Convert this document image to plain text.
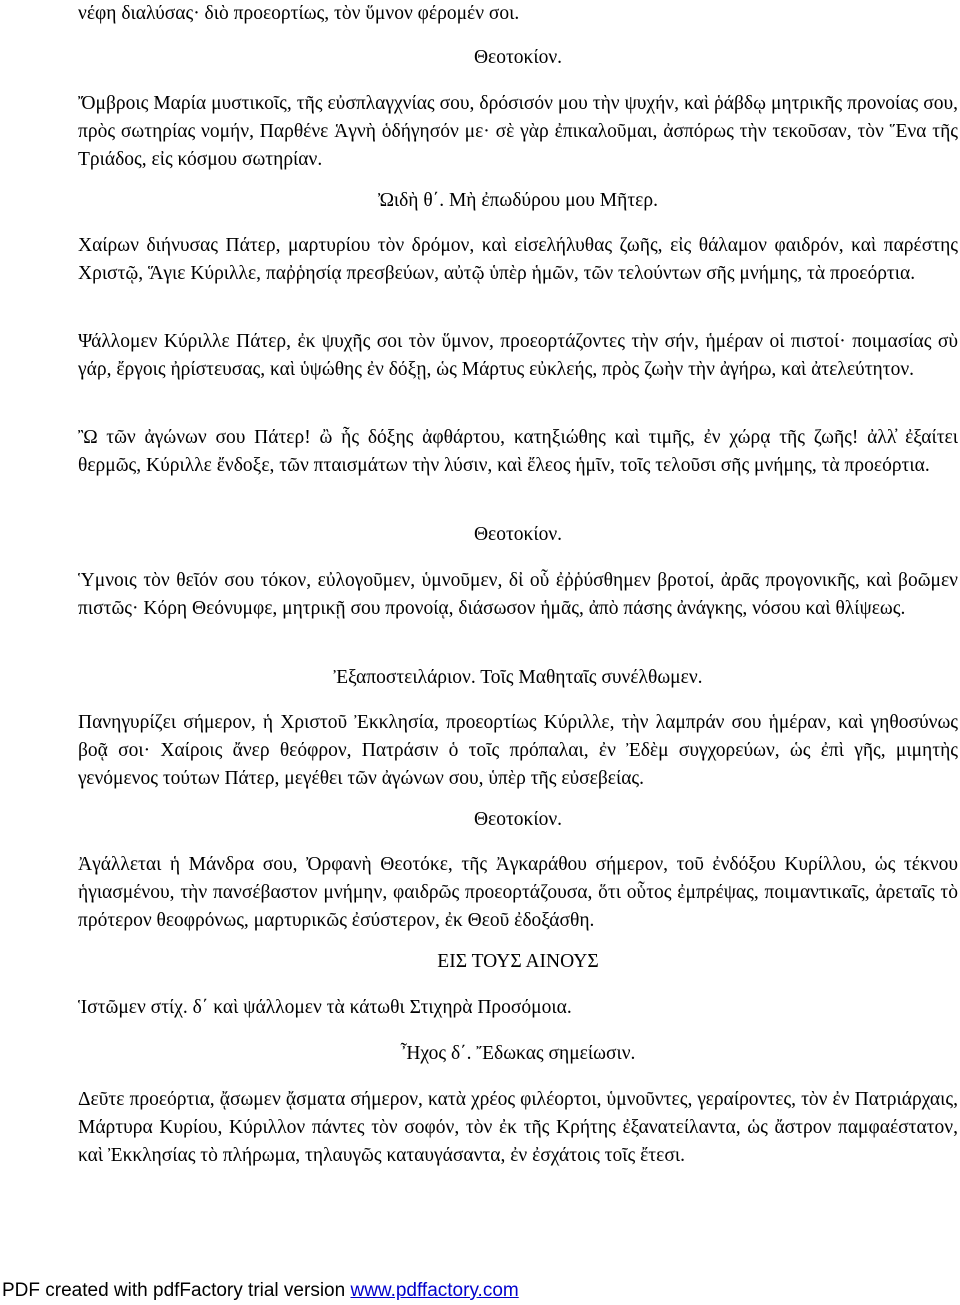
νέφη διαλύσας· διὸ προεορτίως, τὸν ὕμνον φέρομέν σοι.

Θεοτοκίον.

Ὄμβροις Μαρία μυστικοῖς, τῆς εὐσπλαγχνίας σου, δρόσισόν μου τὴν ψυχήν, καὶ ῥάβδῳ μητρικῆς προνοίας σου, πρὸς σωτηρίας νομήν, Παρθένε Ἁγνὴ ὁδήγησόν με· σὲ γὰρ ἐπικαλοῦμαι, ἀσπόρως τὴν τεκοῦσαν, τὸν Ἕνα τῆς Τριάδος, εἰς κόσμου σωτηρίαν.

Ὠιδὴ θ΄. Μὴ ἐπωδύρου μου Μῆτερ.

Χαίρων διήνυσας Πάτερ, μαρτυρίου τὸν δρόμον, καὶ εἰσελήλυθας ζωῆς, εἰς θάλαμον φαιδρόν, καὶ παρέστης Χριστῷ, Ἅγιε Κύριλλε, παῤῥησίᾳ πρεσβεύων, αὐτῷ ὑπὲρ ἡμῶν, τῶν τελούντων σῆς μνήμης, τὰ προεόρτια.

Ψάλλομεν Κύριλλε Πάτερ, ἐκ ψυχῆς σοι τὸν ὕμνον, προεορτάζοντες τὴν σήν, ἡμέραν οἱ πιστοί· ποιμασίας σὺ γάρ, ἔργοις ἠρίστευσας, καὶ ὑψώθης ἐν δόξῃ, ὡς Μάρτυς εὐκλεής, πρὸς ζωὴν τὴν ἀγήρω, καὶ ἀτελεύτητον.

Ὢ τῶν ἀγώνων σου Πάτερ! ὢ ἧς δόξης ἀφθάρτου, κατηξιώθης καὶ τιμῆς, ἐν χώρᾳ τῆς ζωῆς! ἀλλ̓ ἐξαίτει θερμῶς, Κύριλλε ἔνδοξε, τῶν πταισμάτων τὴν λύσιν, καὶ ἔλεος ἡμῖν, τοῖς τελοῦσι σῆς μνήμης, τὰ προεόρτια.

Θεοτοκίον.

Ὑμνοις τὸν θεῖόν σου τόκον, εὐλογοῦμεν, ὑμνοῦμεν, δἰ οὗ ἐῤῥύσθημεν βροτοί, ἀρᾶς προγονικῆς, καὶ βοῶμεν πιστῶς· Κόρη Θεόνυμφε, μητρικῇ σου προνοίᾳ, διάσωσον ἡμᾶς, ἀπὸ πάσης ἀνάγκης, νόσου καὶ θλίψεως.

Ἐξαποστειλάριον. Τοῖς Μαθηταῖς συνέλθωμεν.

Πανηγυρίζει σήμερον, ἡ Χριστοῦ Ἐκκλησία, προεορτίως Κύριλλε, τὴν λαμπράν σου ἡμέραν, καὶ γηθοσύνως βοᾷ σοι· Χαίροις ἄνερ θεόφρον, Πατράσιν ὁ τοῖς πρόπαλαι, ἐν Ἐδὲμ συγχορεύων, ὡς ἐπὶ γῆς, μιμητὴς γενόμενος τούτων Πάτερ, μεγέθει τῶν ἀγώνων σου, ὑπὲρ τῆς εὐσεβείας.

Θεοτοκίον.

Ἀγάλλεται ἡ Μάνδρα σου, Ὀρφανὴ Θεοτόκε, τῆς Ἀγκαράθου σήμερον, τοῦ ἐνδόξου Κυρίλλου, ὡς τέκνου ἡγιασμένου, τὴν πανσέβαστον μνήμην, φαιδρῶς προεορτάζουσα, ὅτι οὗτος ἐμπρέψας, ποιμαντικαῖς, ἀρεταῖς τὸ πρότερον θεοφρόνως, μαρτυρικῶς ἐσύστερον, ἐκ Θεοῦ ἐδοξάσθη.

ΕΙΣ ΤΟΥΣ ΑΙΝΟΥΣ

Ἱστῶμεν στίχ. δ΄ καὶ ψάλλομεν τὰ κάτωθι Στιχηρὰ Προσόμοια.

Ἦχος δ΄. Ἔδωκας σημείωσιν.

Δεῦτε προεόρτια, ᾄσωμεν ᾄσματα σήμερον, κατὰ χρέος φιλέορτοι, ὑμνοῦντες, γεραίροντες, τὸν ἐν Πατριάρχαις, Μάρτυρα Κυρίου, Κύριλλον πάντες τὸν σοφόν, τὸν ἐκ τῆς Κρήτης ἐξανατείλαντα, ὡς ἄστρον παμφαέστατον, καὶ Ἐκκλησίας τὸ πλήρωμα, τηλαυγῶς καταυγάσαντα, ἐν ἐσχάτοις τοῖς ἔτεσι.

PDF created with pdfFactory trial version www.pdffactory.com
